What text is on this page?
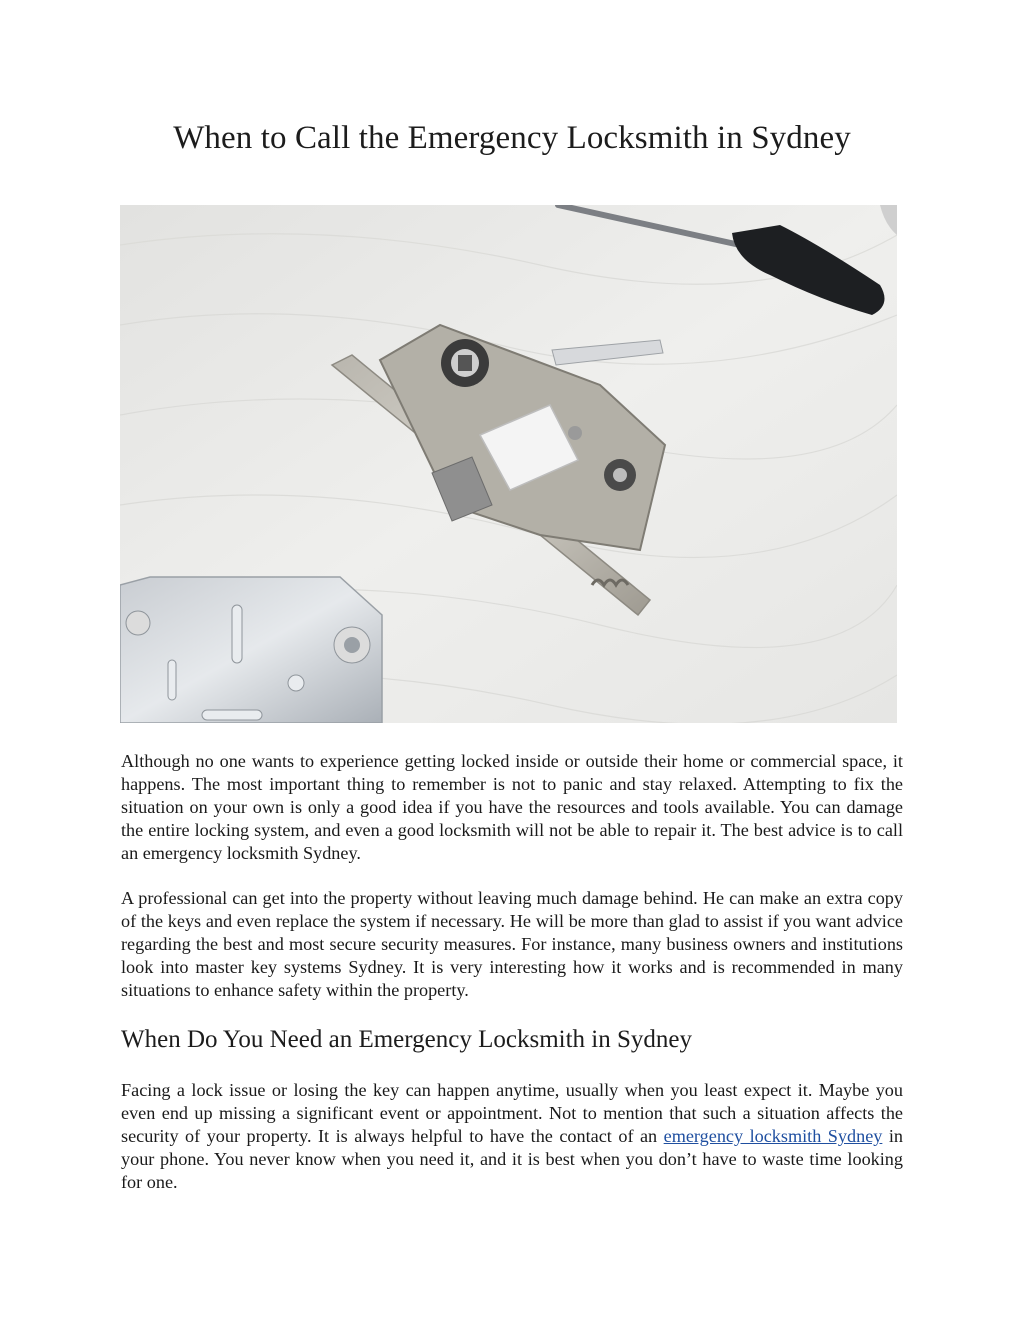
When to Call the Emergency Locksmith in Sydney

Although no one wants to experience getting locked inside or outside their home or commercial space, it happens. The most important thing to remember is not to panic and stay relaxed. Attempting to fix the situation on your own is only a good idea if you have the resources and tools available. You can damage the entire locking system, and even a good locksmith will not be able to repair it. The best advice is to call an emergency locksmith Sydney.

A professional can get into the property without leaving much damage behind. He can make an extra copy of the keys and even replace the system if necessary. He will be more than glad to assist if you want advice regarding the best and most secure security measures. For instance, many business owners and institutions look into master key systems Sydney. It is very interesting how it works and is recommended in many situations to enhance safety within the property.

When Do You Need an Emergency Locksmith in Sydney

Facing a lock issue or losing the key can happen anytime, usually when you least expect it. Maybe you even end up missing a significant event or appointment. Not to mention that such a situation affects the security of your property. It is always helpful to have the contact of an emergency locksmith Sydney in your phone. You never know when you need it, and it is best when you don’t have to waste time looking for one.
